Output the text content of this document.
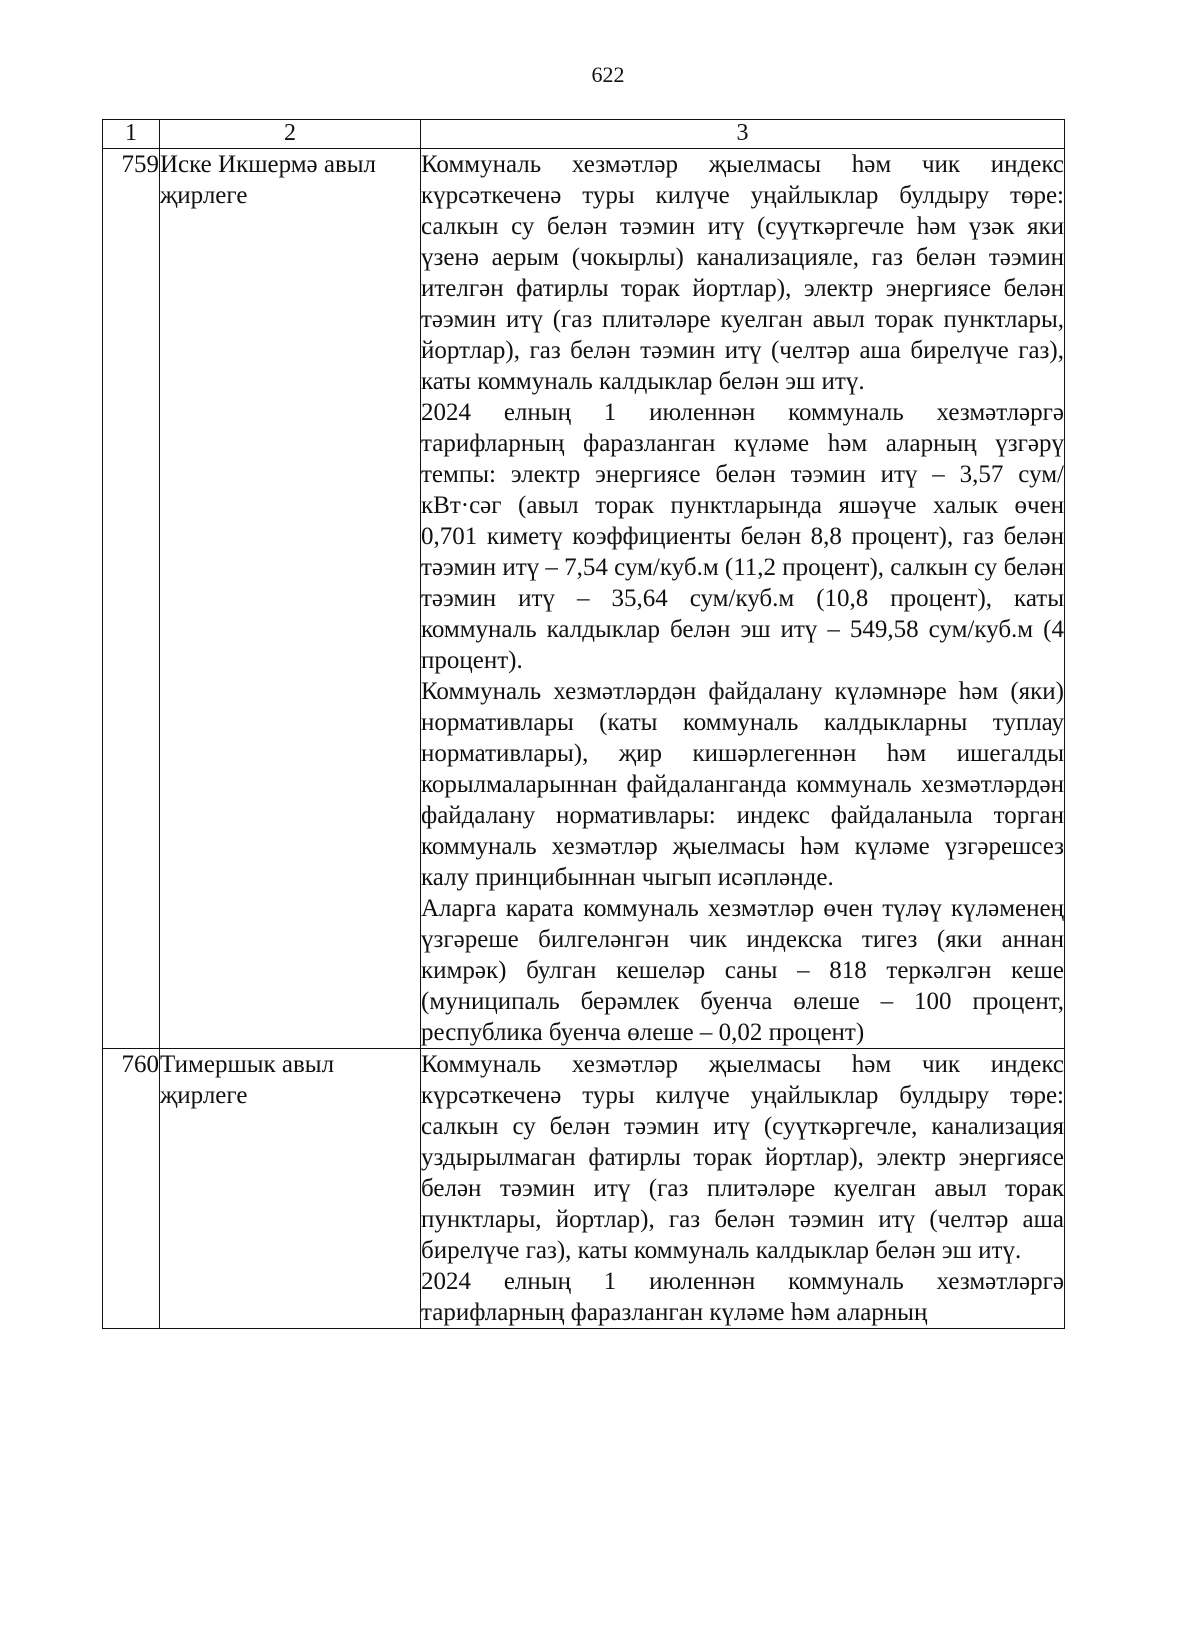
622
1	2	3
759	Иске Икшермә авыл җирлеге	Коммуналь хезмәтләр җыелмасы һәм чик индекс күрсәткеченә туры килүче уңайлыклар булдыру төре: салкын су белән тәэмин итү (суүткәргечле һәм үзәк яки үзенә аерым (чокырлы) канализацияле, газ белән тәэмин ителгән фатирлы торак йортлар), электр энергиясе белән тәэмин итү (газ плитәләре куелган авыл торак пунктлары, йортлар), газ белән тәэмин итү (челтәр аша бирелүче газ), каты коммуналь калдыклар белән эш итү.

2024 елның 1 июленнән коммуналь хезмәтләргә тарифларның фаразланган күләме һәм аларның үзгәрү темпы: электр энергиясе белән тәэмин итү – 3,57 сум/кВт·сәг (авыл торак пунктларында яшәүче халык өчен 0,701 киметү коэффициенты белән 8,8 процент), газ белән тәэмин итү – 7,54 сум/куб.м (11,2 процент), салкын су белән тәэмин итү – 35,64 сум/куб.м (10,8 процент), каты коммуналь калдыклар белән эш итү – 549,58 сум/куб.м (4 процент).

Коммуналь хезмәтләрдән файдалану күләмнәре һәм (яки) нормативлары (каты коммуналь калдыкларны туплау нормативлары), җир кишәрлегеннән һәм ишегалды корылмаларыннан файдаланганда коммуналь хезмәтләрдән файдалану нормативлары: индекс файдаланыла торган коммуналь хезмәтләр җыелмасы һәм күләме үзгәрешсез калу принцибыннан чыгып исәпләнде.

Аларга карата коммуналь хезмәтләр өчен түләү күләменең үзгәреше билгеләнгән чик индекска тигез (яки аннан кимрәк) булган кешеләр саны – 818 теркәлгән кеше (муниципаль берәмлек буенча өлеше – 100 процент, республика буенча өлеше – 0,02 процент)

760	Тимершык авыл җирлеге	Коммуналь хезмәтләр җыелмасы һәм чик индекс күрсәткеченә туры килүче уңайлыклар булдыру төре: салкын су белән тәэмин итү (суүткәргечле, канализация уздырылмаган фатирлы торак йортлар), электр энергиясе белән тәэмин итү (газ плитәләре куелган авыл торак пунктлары, йортлар), газ белән тәэмин итү (челтәр аша бирелүче газ), каты коммуналь калдыклар белән эш итү.

2024 елның 1 июленнән коммуналь хезмәтләргә тарифларның фаразланган күләме һәм аларның
